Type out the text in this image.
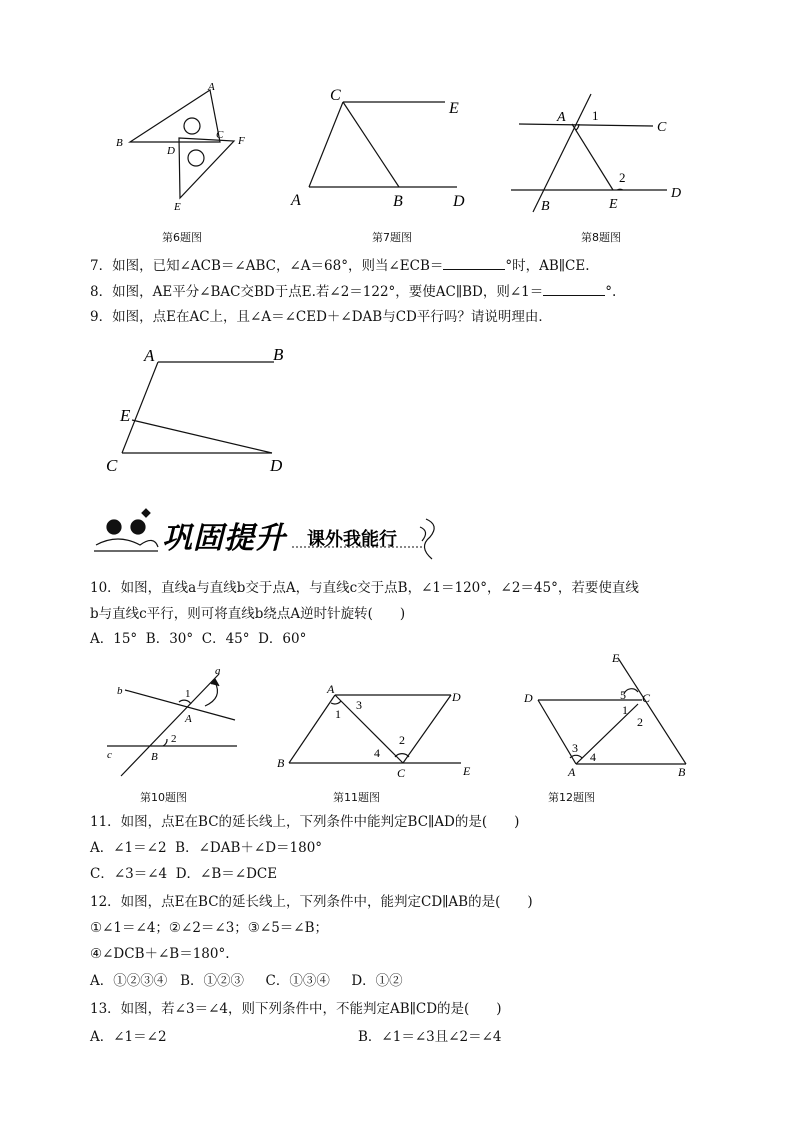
A
B
C
D
F
E
第6题图
C
E
A	B	D
第7题图
A 1
C
2
D
B	E
第8题图
7．如图，已知∠ACB＝∠ABC，∠A＝68°，则当∠ECB＝	°时，AB∥CE.
8．如图，AE平分∠BAC交BD于点E.若∠2＝122°，要使AC∥BD，则∠1＝	°.
9．如图，点E在AC上，且∠A＝∠CED＋∠DAB与CD平行吗？请说明理由．
A	B
E
C	D
巩固提升 课外我能行
10．如图，直线a与直线b交于点A，与直线c交于点B，∠1＝120°，∠2＝45°，若要使直线
b与直线c平行，则可将直线b绕点A逆时针旋转(　　)
A．15° B．30° C．45° D．60°
a
b	1
A
2
c	B
第10题图
A
D
1
3
2
4
B
C	E
第11题图
E
D	5 C
1
2
3
4
A	B
第12题图
11．如图，点E在BC的延长线上，下列条件中能判定BC∥AD的是(　　)
A．∠1＝∠2 B．∠DAB＋∠D＝180°
C．∠3＝∠4 D．∠B＝∠DCE
12．如图，点E在BC的延长线上，下列条件中，能判定CD∥AB的是(　　)
①∠1＝∠4；②∠2＝∠3；③∠5＝∠B；
④∠DCB＋∠B＝180°.
A．①②③④ B．①②③ C．①③④ D．①②
13．如图，若∠3＝∠4，则下列条件中，不能判定AB∥CD的是(　　)
A．∠1＝∠2	B．∠1＝∠3且∠2＝∠4
